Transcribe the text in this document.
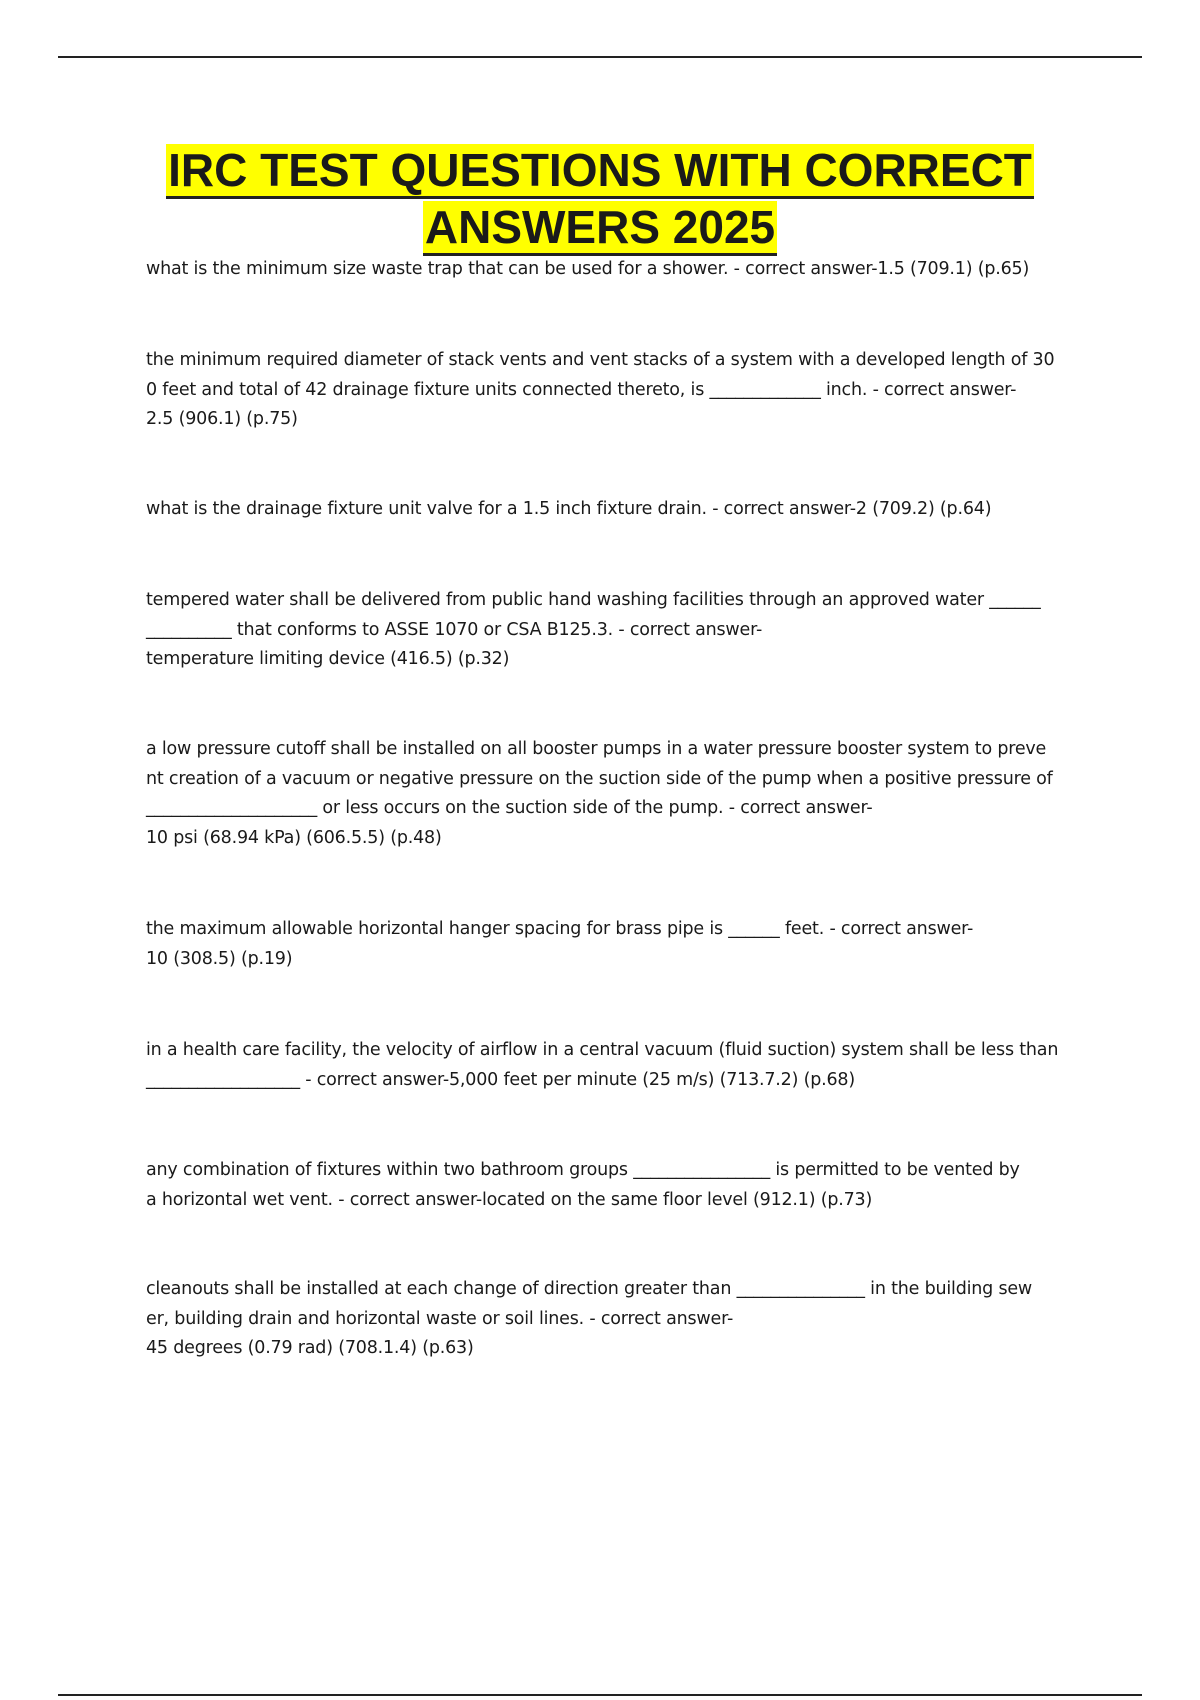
IRC TEST QUESTIONS WITH CORRECT
ANSWERS 2025
what is the minimum size waste trap that can be used for a shower. - correct answer-1.5 (709.1) (p.65)
the minimum required diameter of stack vents and vent stacks of a system with a developed length of 30
0 feet and total of 42 drainage fixture units connected thereto, is _____________ inch. - correct answer-
2.5 (906.1) (p.75)
what is the drainage fixture unit valve for a 1.5 inch fixture drain. - correct answer-2 (709.2) (p.64)
tempered water shall be delivered from public hand washing facilities through an approved water ______
__________ that conforms to ASSE 1070 or CSA B125.3. - correct answer-
temperature limiting device (416.5) (p.32)
a low pressure cutoff shall be installed on all booster pumps in a water pressure booster system to preve
nt creation of a vacuum or negative pressure on the suction side of the pump when a positive pressure of
____________________ or less occurs on the suction side of the pump. - correct answer-
10 psi (68.94 kPa) (606.5.5) (p.48)
the maximum allowable horizontal hanger spacing for brass pipe is ______ feet. - correct answer-
10 (308.5) (p.19)
in a health care facility, the velocity of airflow in a central vacuum (fluid suction) system shall be less than
__________________ - correct answer-5,000 feet per minute (25 m/s) (713.7.2) (p.68)
any combination of fixtures within two bathroom groups ________________ is permitted to be vented by
a horizontal wet vent. - correct answer-located on the same floor level (912.1) (p.73)
cleanouts shall be installed at each change of direction greater than _______________ in the building sew
er, building drain and horizontal waste or soil lines. - correct answer-
45 degrees (0.79 rad) (708.1.4) (p.63)
